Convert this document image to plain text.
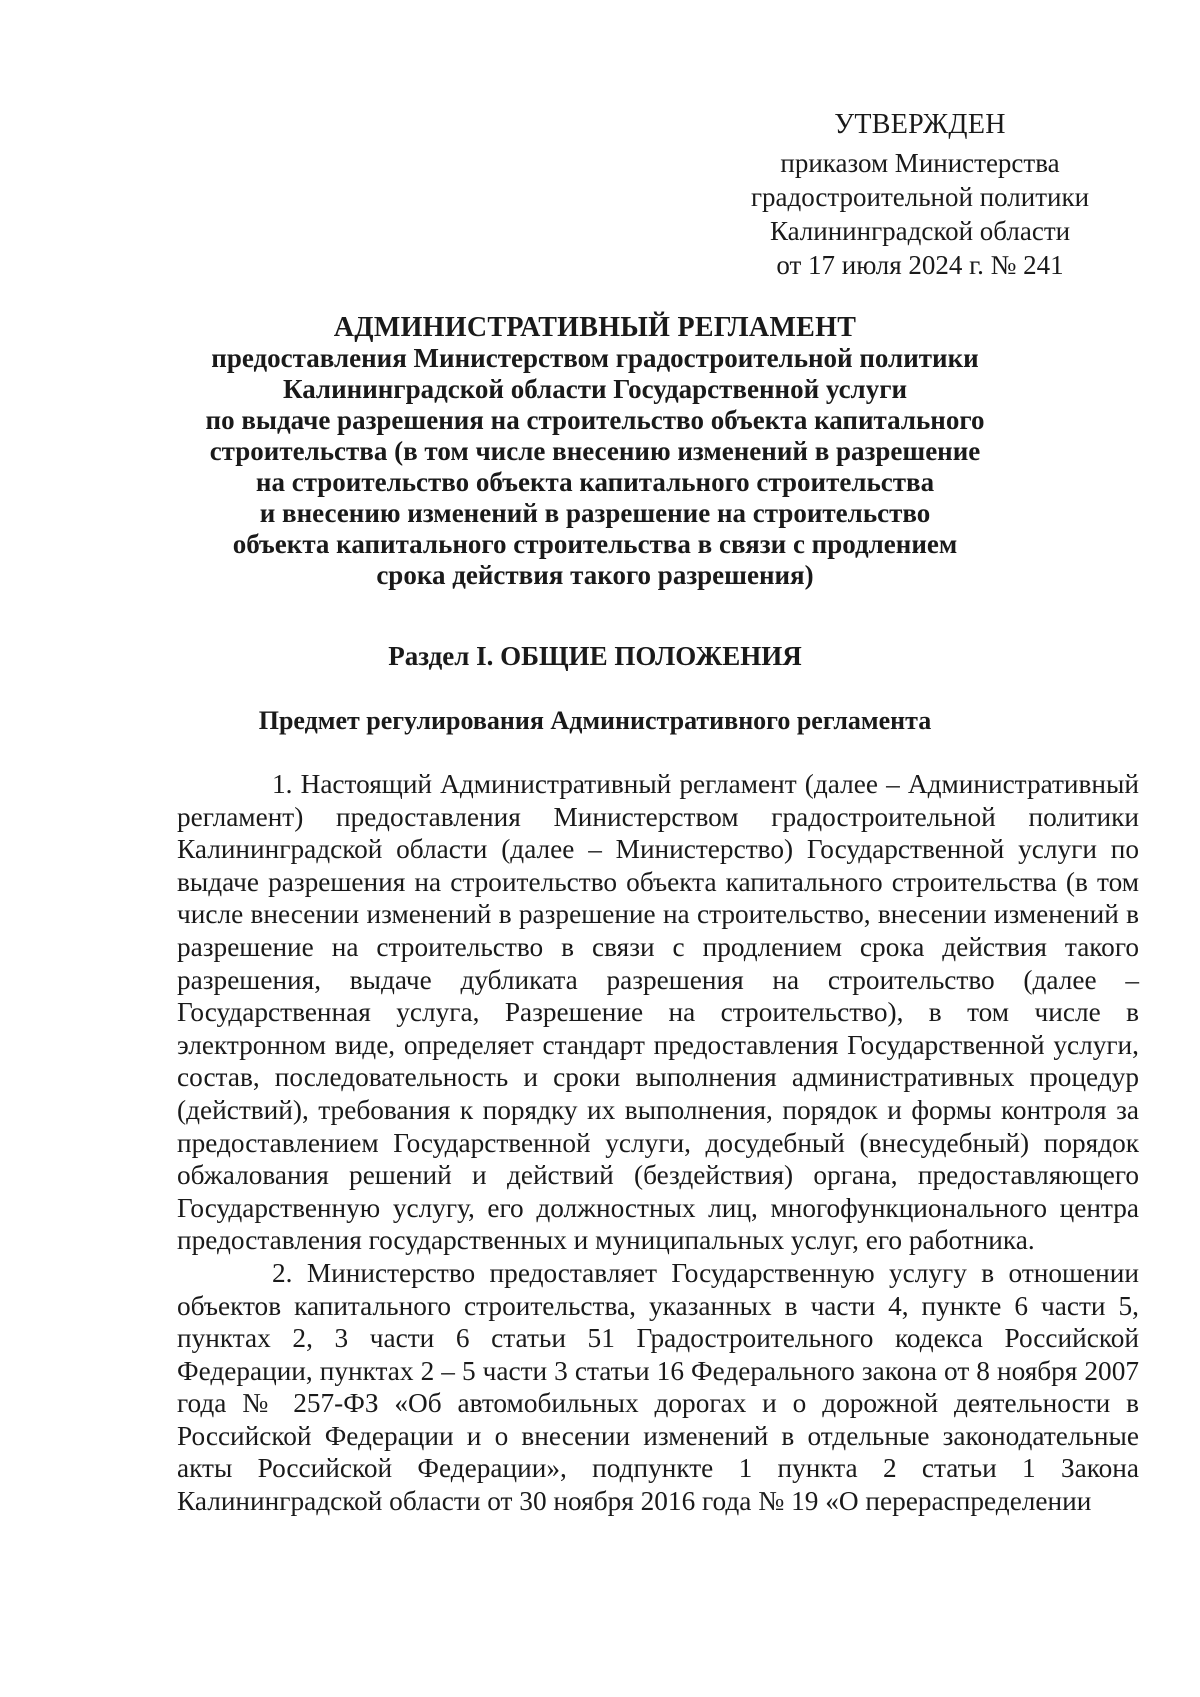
УТВЕРЖДЕН
приказом Министерства
градостроительной политики
Калининградской области
от 17 июля 2024 г. № 241
АДМИНИСТРАТИВНЫЙ РЕГЛАМЕНТ
предоставления Министерством градостроительной политики
Калининградской области Государственной услуги
по выдаче разрешения на строительство объекта капитального
строительства (в том числе внесению изменений в разрешение
на строительство объекта капитального строительства
и внесению изменений в разрешение на строительство
объекта капитального строительства в связи с продлением
срока действия такого разрешения)
Раздел I. ОБЩИЕ ПОЛОЖЕНИЯ
Предмет регулирования Административного регламента

1. Настоящий Административный регламент (далее – Административный регламент) предоставления Министерством градостроительной политики Калининградской области (далее – Министерство) Государственной услуги по выдаче разрешения на строительство объекта капитального строительства (в том числе внесении изменений в разрешение на строительство, внесении изменений в разрешение на строительство в связи с продлением срока действия такого разрешения, выдаче дубликата разрешения на строительство (далее – Государственная услуга, Разрешение на строительство), в том числе в электронном виде, определяет стандарт предоставления Государственной услуги, состав, последовательность и сроки выполнения административных процедур (действий), требования к порядку их выполнения, порядок и формы контроля за предоставлением Государственной услуги, досудебный (внесудебный) порядок обжалования решений и действий (бездействия) органа, предоставляющего Государственную услугу, его должностных лиц, многофункционального центра предоставления государственных и муниципальных услуг, его работника.

2. Министерство предоставляет Государственную услугу в отношении объектов капитального строительства, указанных в части 4, пункте 6 части 5, пунктах 2, 3 части 6 статьи 51 Градостроительного кодекса Российской Федерации, пунктах 2 – 5 части 3 статьи 16 Федерального закона от 8 ноября 2007 года № 257-ФЗ «Об автомобильных дорогах и о дорожной деятельности в Российской Федерации и о внесении изменений в отдельные законодательные акты Российской Федерации», подпункте 1 пункта 2 статьи 1 Закона Калининградской области от 30 ноября 2016 года № 19 «О перераспределении
